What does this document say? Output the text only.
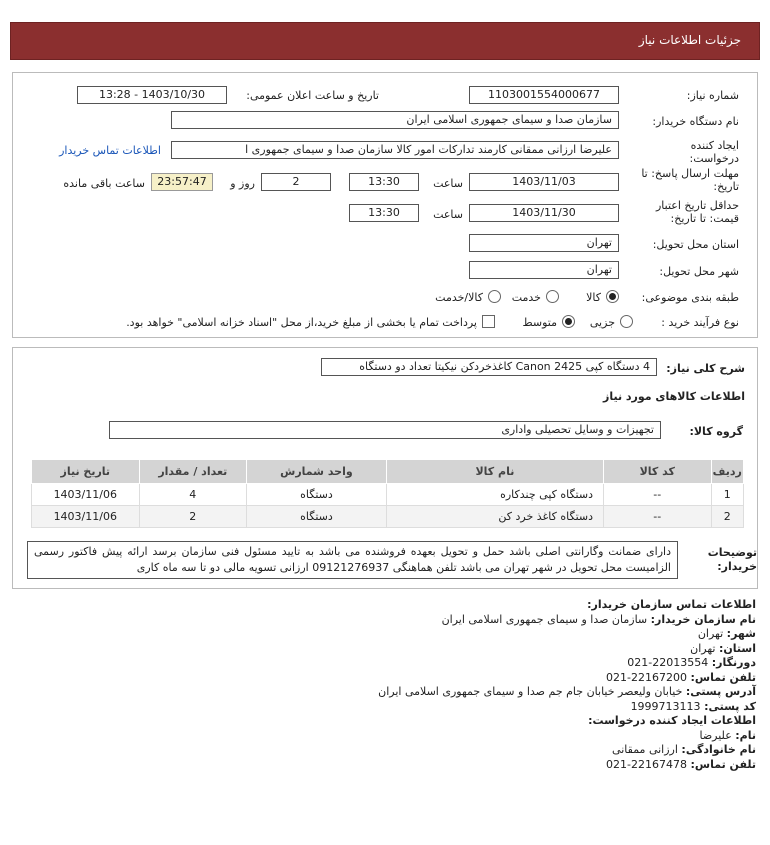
جزئیات اطلاعات نیاز
شماره نیاز:
1103001554000677
تاریخ و ساعت اعلان عمومی:
1403/10/30 - 13:28
نام دستگاه خریدار:
سازمان صدا و سیمای جمهوری اسلامی ایران
ایجاد کننده درخواست:
علیرضا ارزانی ممقانی کارمند تدارکات امور کالا سازمان صدا و سیمای جمهوری ا
اطلاعات تماس خریدار
مهلت ارسال پاسخ: تا تاریخ:
1403/11/03
ساعت
13:30
2
روز و
23:57:47
ساعت باقی مانده
حداقل تاریخ اعتبار قیمت: تا تاریخ:
1403/11/30
ساعت
13:30
استان محل تحویل:
تهران
شهر محل تحویل:
تهران
طبقه بندی موضوعی:
کالا
خدمت
کالا/خدمت
نوع فرآیند خرید :
جزیی
متوسط
پرداخت تمام یا بخشی از مبلغ خرید،از محل "اسناد خزانه اسلامی" خواهد بود.
شرح کلی نیاز:
4 دستگاه کپی Canon 2425 کاغذخردکن نیکیتا تعداد دو دستگاه
اطلاعات کالاهای مورد نیاز
گروه کالا:
تجهیزات و وسایل تحصیلی واداری
ردیف	کد کالا	نام کالا	واحد شمارش	تعداد / مقدار	تاریخ نیاز
1	--	دستگاه کپی چندکاره	دستگاه	4	1403/11/06
2	--	دستگاه کاغذ خرد کن	دستگاه	2	1403/11/06
توضیحات خریدار:
دارای ضمانت وگارانتی اصلی باشد حمل و تحویل بعهده فروشنده می باشد به تایید مسئول فنی سازمان برسد ارائه پیش فاکتور رسمی الزامیست محل تحویل در شهر تهران می باشد تلفن هماهنگی 09121276937 ارزانی تسویه مالی دو تا سه ماه کاری
اطلاعات تماس سازمان خریدار:
نام سازمان خریدار: سازمان صدا و سیمای جمهوری اسلامی ایران
شهر: تهران
استان: تهران
دورنگار: 22013554-021
تلفن تماس: 22167200-021
آدرس پستی: خیابان ولیعصر خیابان جام جم صدا و سیمای جمهوری اسلامی ایران
کد پستی: 1999713113
اطلاعات ایجاد کننده درخواست:
نام: علیرضا
نام خانوادگی: ارزانی ممقانی
تلفن تماس: 22167478-021
